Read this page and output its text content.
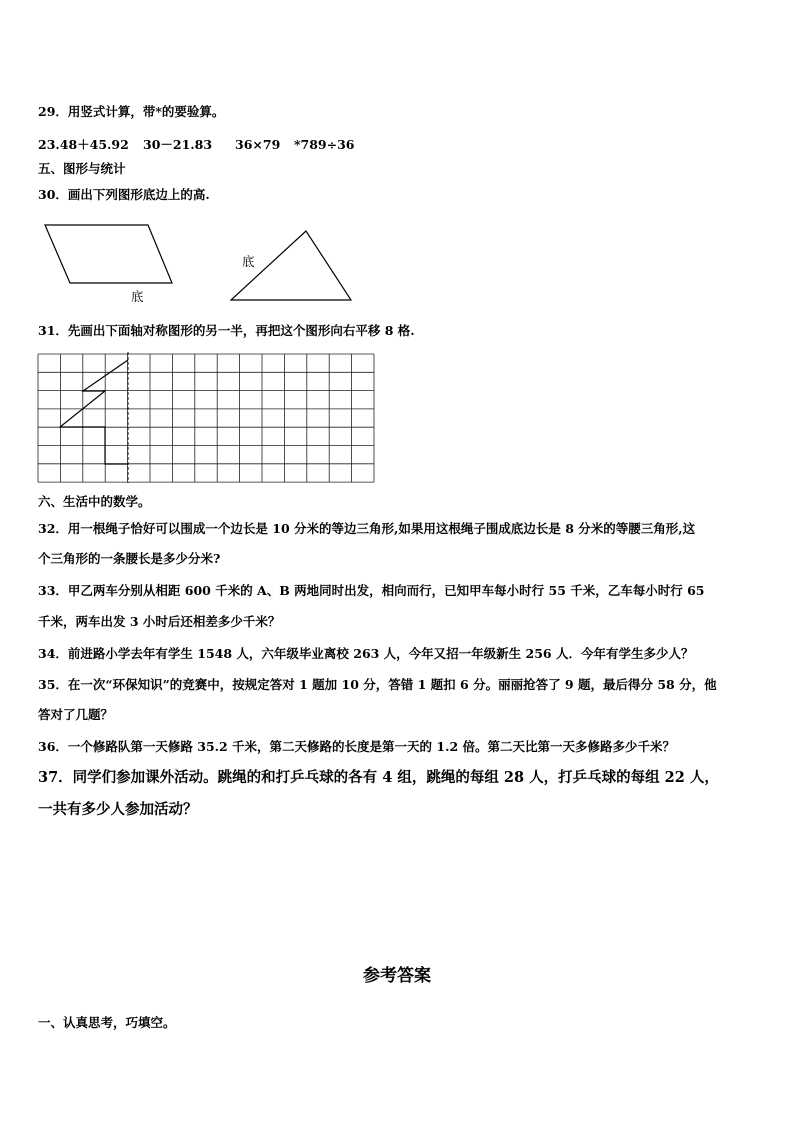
29．用竖式计算，带*的要验算。
23.48＋45.92 30－21.83 36×79 *789÷36
五、图形与统计
30．画出下列图形底边上的高.
底
底
31．先画出下面轴对称图形的另一半，再把这个图形向右平移 8 格.
六、生活中的数学。
32．用一根绳子恰好可以围成一个边长是 10 分米的等边三角形,如果用这根绳子围成底边长是 8 分米的等腰三角形,这
个三角形的一条腰长是多少分米?
33．甲乙两车分别从相距 600 千米的 A、B 两地同时出发，相向而行，已知甲车每小时行 55 千米，乙车每小时行 65
千米，两车出发 3 小时后还相差多少千米？
34．前进路小学去年有学生 1548 人，六年级毕业离校 263 人，今年又招一年级新生 256 人．今年有学生多少人？
35．在一次“环保知识”的竞赛中，按规定答对 1 题加 10 分，答错 1 题扣 6 分。丽丽抢答了 9 题，最后得分 58 分，他
答对了几题？
36．一个修路队第一天修路 35.2 千米，第二天修路的长度是第一天的 1.2 倍。第二天比第一天多修路多少千米？
37．同学们参加课外活动。跳绳的和打乒乓球的各有 4 组，跳绳的每组 28 人，打乒乓球的每组 22 人，
一共有多少人参加活动？
参考答案
一、认真思考，巧填空。
